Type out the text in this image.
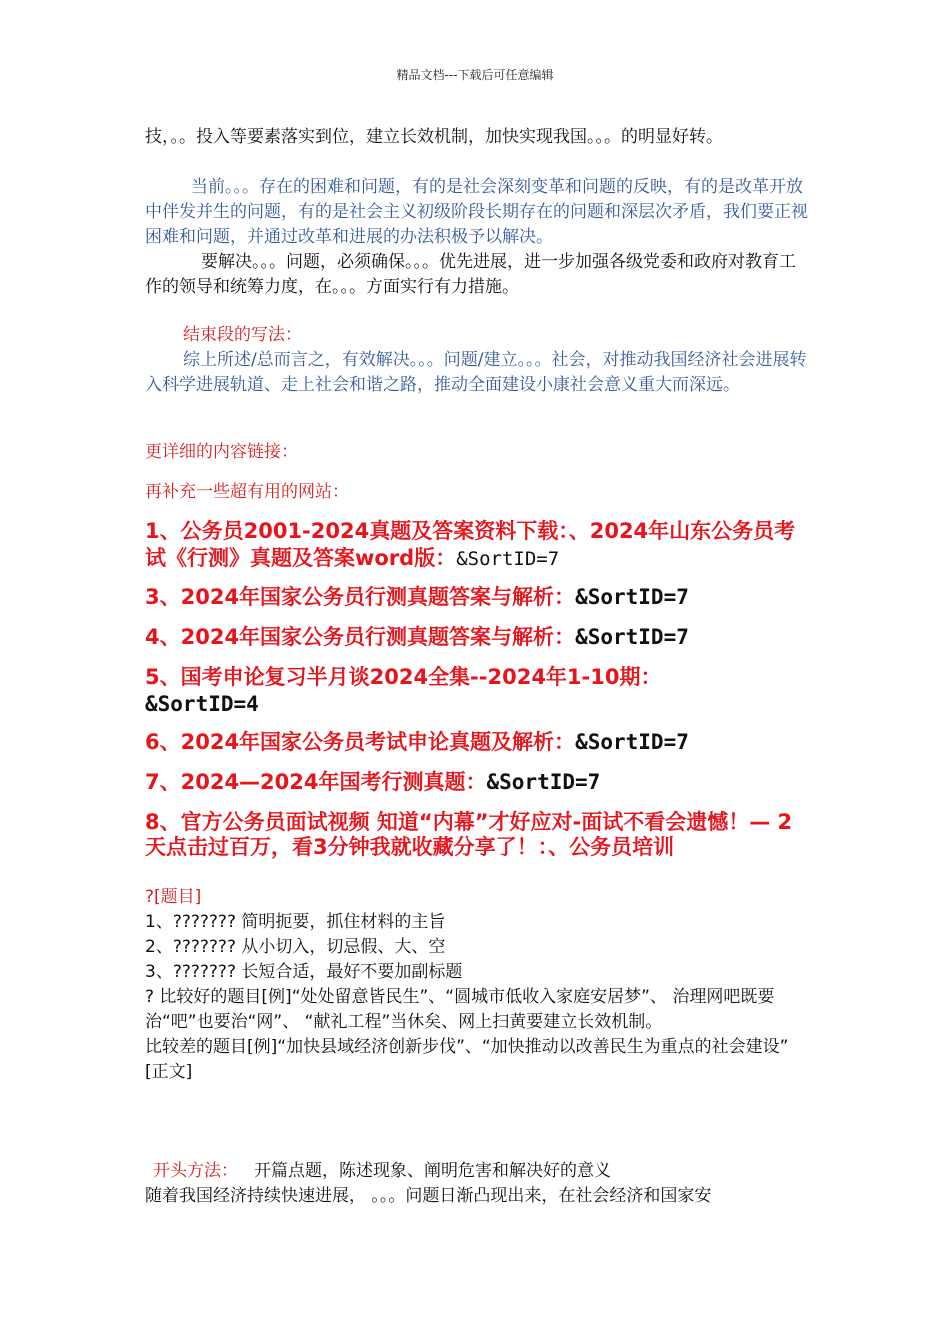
精品文档---下载后可任意编辑

技，。。投入等要素落实到位，建立长效机制，加快实现我国。。。的明显好转。

当前。。。存在的困难和问题，有的是社会深刻变革和问题的反映，有的是改革开放中伴发并生的问题，有的是社会主义初级阶段长期存在的问题和深层次矛盾，我们要正视困难和问题，并通过改革和进展的办法积极予以解决。

要解决。。。问题，必须确保。。。优先进展，进一步加强各级党委和政府对教育工作的领导和统筹力度，在。。。方面实行有力措施。

结束段的写法：

综上所述/总而言之，有效解决。。。问题/建立。。。社会，对推动我国经济社会进展转入科学进展轨道、走上社会和谐之路，推动全面建设小康社会意义重大而深远。

更详细的内容链接：

再补充一些超有用的网站：

1、公务员2001-2024真题及答案资料下载：、2024年山东公务员考试《行测》真题及答案word版：&SortID=7
3、2024年国家公务员行测真题答案与解析：&SortID=7
4、2024年国家公务员行测真题答案与解析：&SortID=7
5、国考申论复习半月谈2024全集--2024年1-10期：
&SortID=4
6、2024年国家公务员考试申论真题及解析：&SortID=7
7、2024—2024年国考行测真题：&SortID=7
8、官方公务员面试视频 知道“内幕”才好应对-面试不看会遗憾！— 2天点击过百万，看3分钟我就收藏分享了！：、公务员培训

?[题目]

1、??????? 简明扼要，抓住材料的主旨

2、??????? 从小切入，切忌假、大、空

3、??????? 长短合适，最好不要加副标题

? 比较好的题目[例]“处处留意皆民生”、“圆城市低收入家庭安居梦”、 治理网吧既要治“吧”也要治“网”、 “献礼工程”当休矣、网上扫黄要建立长效机制。

比较差的题目[例]“加快县域经济创新步伐”、“加快推动以改善民生为重点的社会建设”

[正文]

开头方法： 开篇点题，陈述现象、阐明危害和解决好的意义

随着我国经济持续快速进展， 。。。问题日渐凸现出来，在社会经济和国家安
